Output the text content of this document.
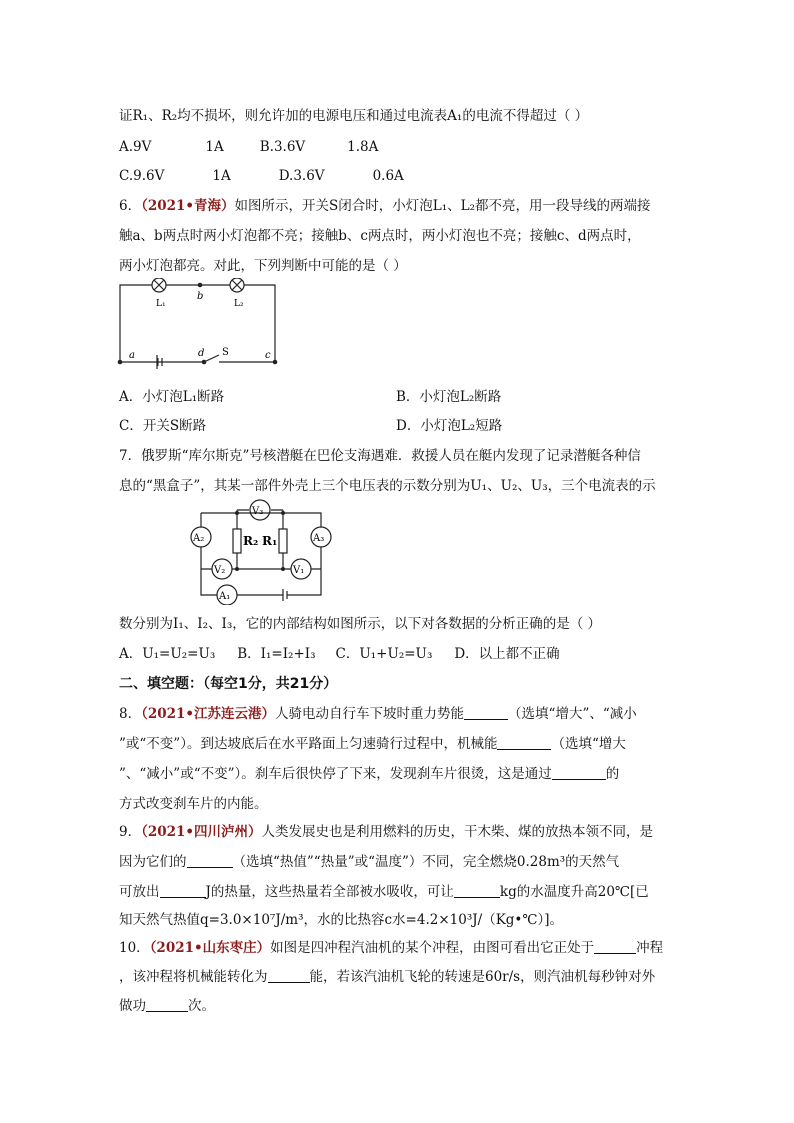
证R₁、R₂均不损坏，则允许加的电源电压和通过电流表A₁的电流不得超过（ ）
A.9V	1A	B.3.6V	1.8A
C.9.6V	1A	D.3.6V	0.6A
6．（2021•青海）如图所示，开关S闭合时，小灯泡L₁、L₂都不亮，用一段导线的两端接
触a、b两点时两小灯泡都不亮；接触b、c两点时，两小灯泡也不亮；接触c、d两点时，
两小灯泡都亮。对此，下列判断中可能的是（ ）
L₁	L₂
b
a	d	c
S
A．小灯泡L₁断路	B．小灯泡L₂断路
C．开关S断路	D．小灯泡L₂短路
7．俄罗斯“库尔斯克”号核潜艇在巴伦支海遇难．救援人员在艇内发现了记录潜艇各种信
息的“黑盒子”，其某一部件外壳上三个电压表的示数分别为U₁、U₂、U₃，三个电流表的示
A₂	A₃
V₃
V₂	V₁
A₁
R₂ R₁
数分别为I₁、I₂、I₃，它的内部结构如图所示，以下对各数据的分析正确的是（ ）
A．U₁=U₂=U₃ B．I₁=I₂+I₃ C．U₁+U₂=U₃ D．以上都不正确
二、填空题：（每空1分，共21分）
8．（2021•江苏连云港）人骑电动自行车下坡时重力势能	（选填“增大”、“减小
”或“不变”）。到达坡底后在水平路面上匀速骑行过程中，机械能	（选填“增大
”、“减小”或“不变”）。刹车后很快停了下来，发现刹车片很烫，这是通过	的
方式改变刹车片的内能。
9．（2021•四川泸州）人类发展史也是利用燃料的历史，干木柴、煤的放热本领不同，是
因为它们的	（选填“热值”“热量”或“温度”）不同，完全燃烧0.28m³的天然气
可放出	J的热量，这些热量若全部被水吸收，可让	kg的水温度升高20℃[已
知天然气热值q=3.0×10⁷J/m³，水的比热容c水=4.2×10³J/（Kg•℃）]。
10．（2021•山东枣庄）如图是四冲程汽油机的某个冲程，由图可看出它正处于	冲程
，该冲程将机械能转化为	能，若该汽油机飞轮的转速是60r/s，则汽油机每秒钟对外
做功	次。
